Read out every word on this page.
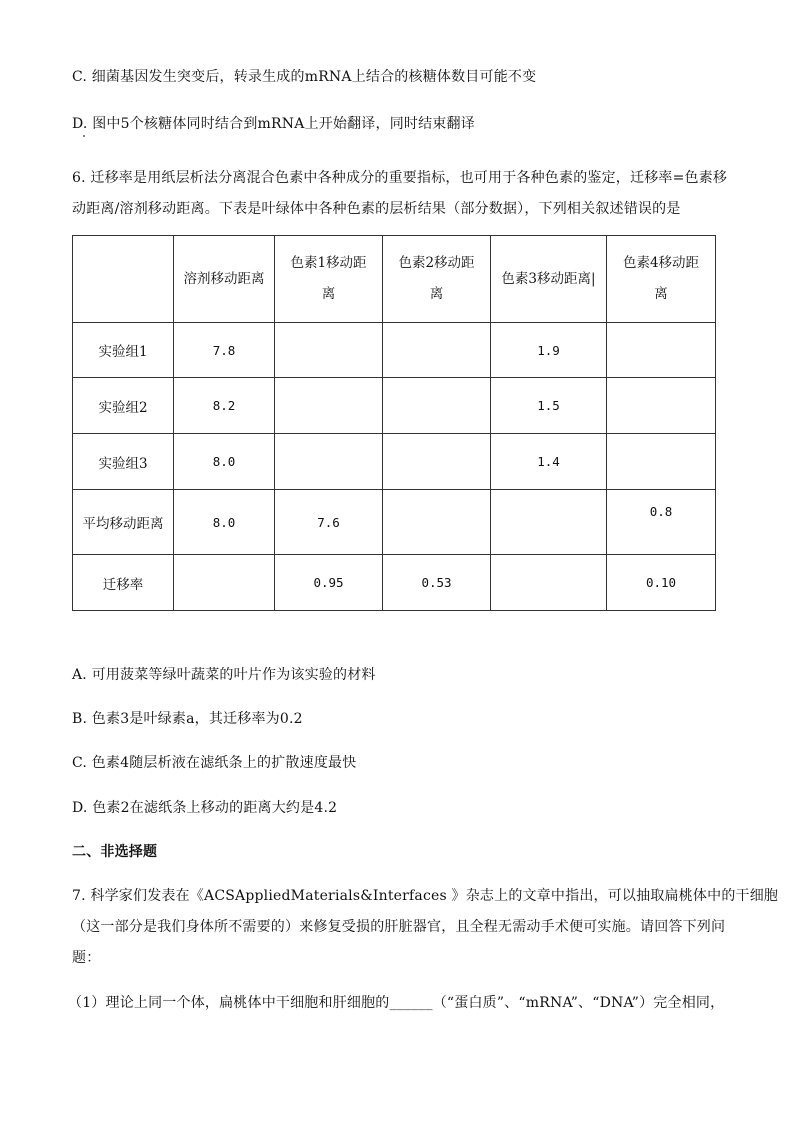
C. 细菌基因发生突变后，转录生成的mRNA上结合的核糖体数目可能不变
D. 图中5个核糖体同时结合到mRNA上开始翻译，同时结束翻译
6. 迁移率是用纸层析法分离混合色素中各种成分的重要指标，也可用于各种色素的鉴定，迁移率=色素移
动距离/溶剂移动距离。下表是叶绿体中各种色素的层析结果（部分数据），下列相关叙述错误的是
	溶剂移动距离	色素1移动距离	色素2移动距离	色素3移动距离|	色素4移动距离

实验组1	7.8			1.9	
实验组2	8.2			1.5	
实验组3	8.0			1.4	
平均移动距离	8.0	7.6			0.8
迁移率		0.95	0.53		0.10
A. 可用菠菜等绿叶蔬菜的叶片作为该实验的材料
B. 色素3是叶绿素a，其迁移率为0.2
C. 色素4随层析液在滤纸条上的扩散速度最快
D. 色素2在滤纸条上移动的距离大约是4.2
二、非选择题
7. 科学家们发表在《ACSAppliedMaterials&Interfaces 》杂志上的文章中指出，可以抽取扁桃体中的干细胞
（这一部分是我们身体所不需要的）来修复受损的肝脏器官，且全程无需动手术便可实施。请回答下列问
题：
（1）理论上同一个体，扁桃体中干细胞和肝细胞的______（“蛋白质”、“mRNA”、“DNA”）完全相同，
